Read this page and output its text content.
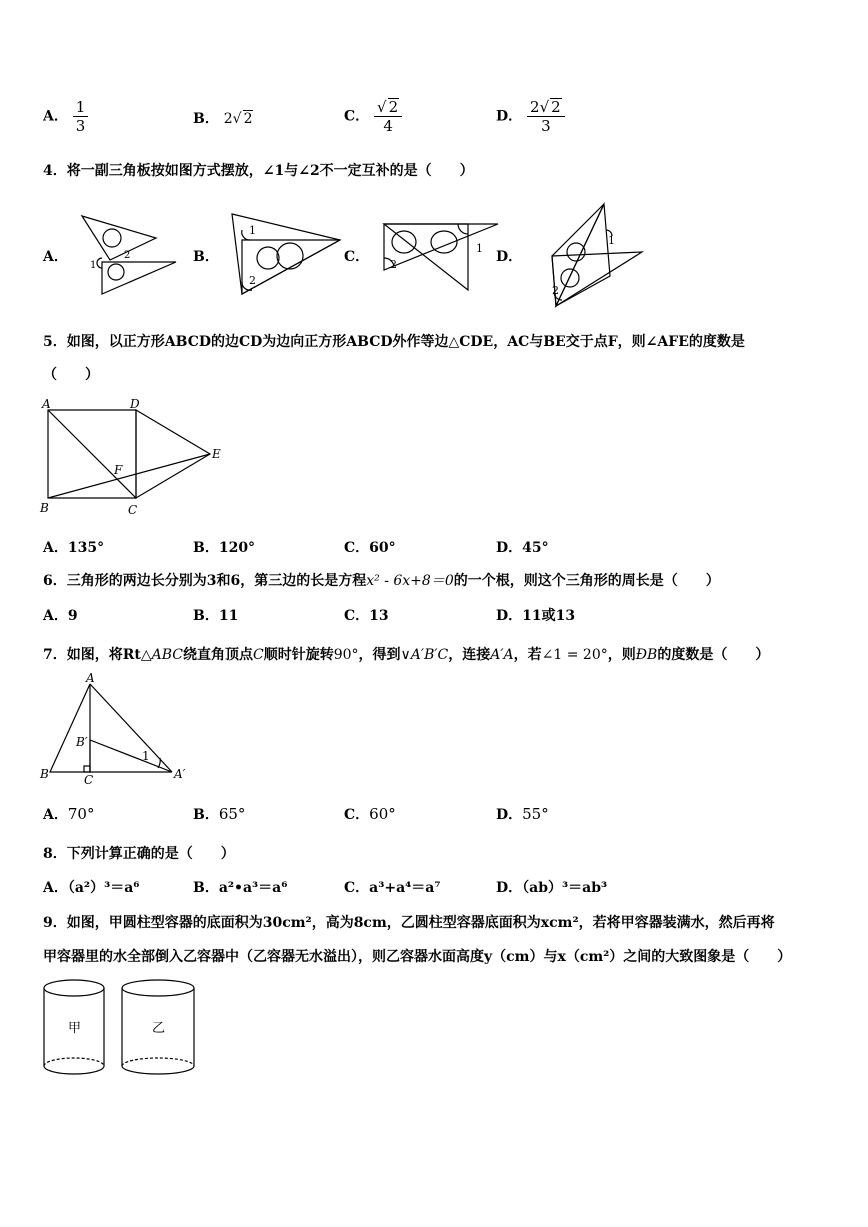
A． $\frac{1}{3}$	B． 2√ 2	C． $\frac{√ 2}{4}$	D． $\frac{2√ 2}{3}$
4．将一副三角板按如图方式摆放，∠1与∠2不一定互补的是（　　）
A．
1
2	B．
1
2
C．
1
2	D．
1
2
5．如图，以正方形ABCD的边CD为边向正方形ABCD外作等边△CDE，AC与BE交于点F，则∠AFE的度数是
（　　）
A	D
B	C
E
F
A．135°	B．120°	C．60°	D．45°
6．三角形的两边长分别为3和6，第三边的长是方程x² - 6x+8＝0的一个根，则这个三角形的周长是（　　）
A．9	B．11	C．13	D．11或13
7．如图，将Rt△ABC绕直角顶点C顺时针旋转90°，得到∨A′B′C，连接A′A，若∠1 = 20°，则ÐB的度数是（　　）
A
B′
1
B	C	A′
A．70°	B．65°	C．60°	D．55°
8．下列计算正确的是（　　）
A．（a²）³＝a⁶	B．a²•a³＝a⁶	C．a³+a⁴＝a⁷	D．（ab）³＝ab³
9．如图，甲圆柱型容器的底面积为30cm²，高为8cm，乙圆柱型容器底面积为xcm²，若将甲容器装满水，然后再将
甲容器里的水全部倒入乙容器中（乙容器无水溢出），则乙容器水面高度y（cm）与x（cm²）之间的大致图象是（　　）
甲	乙
